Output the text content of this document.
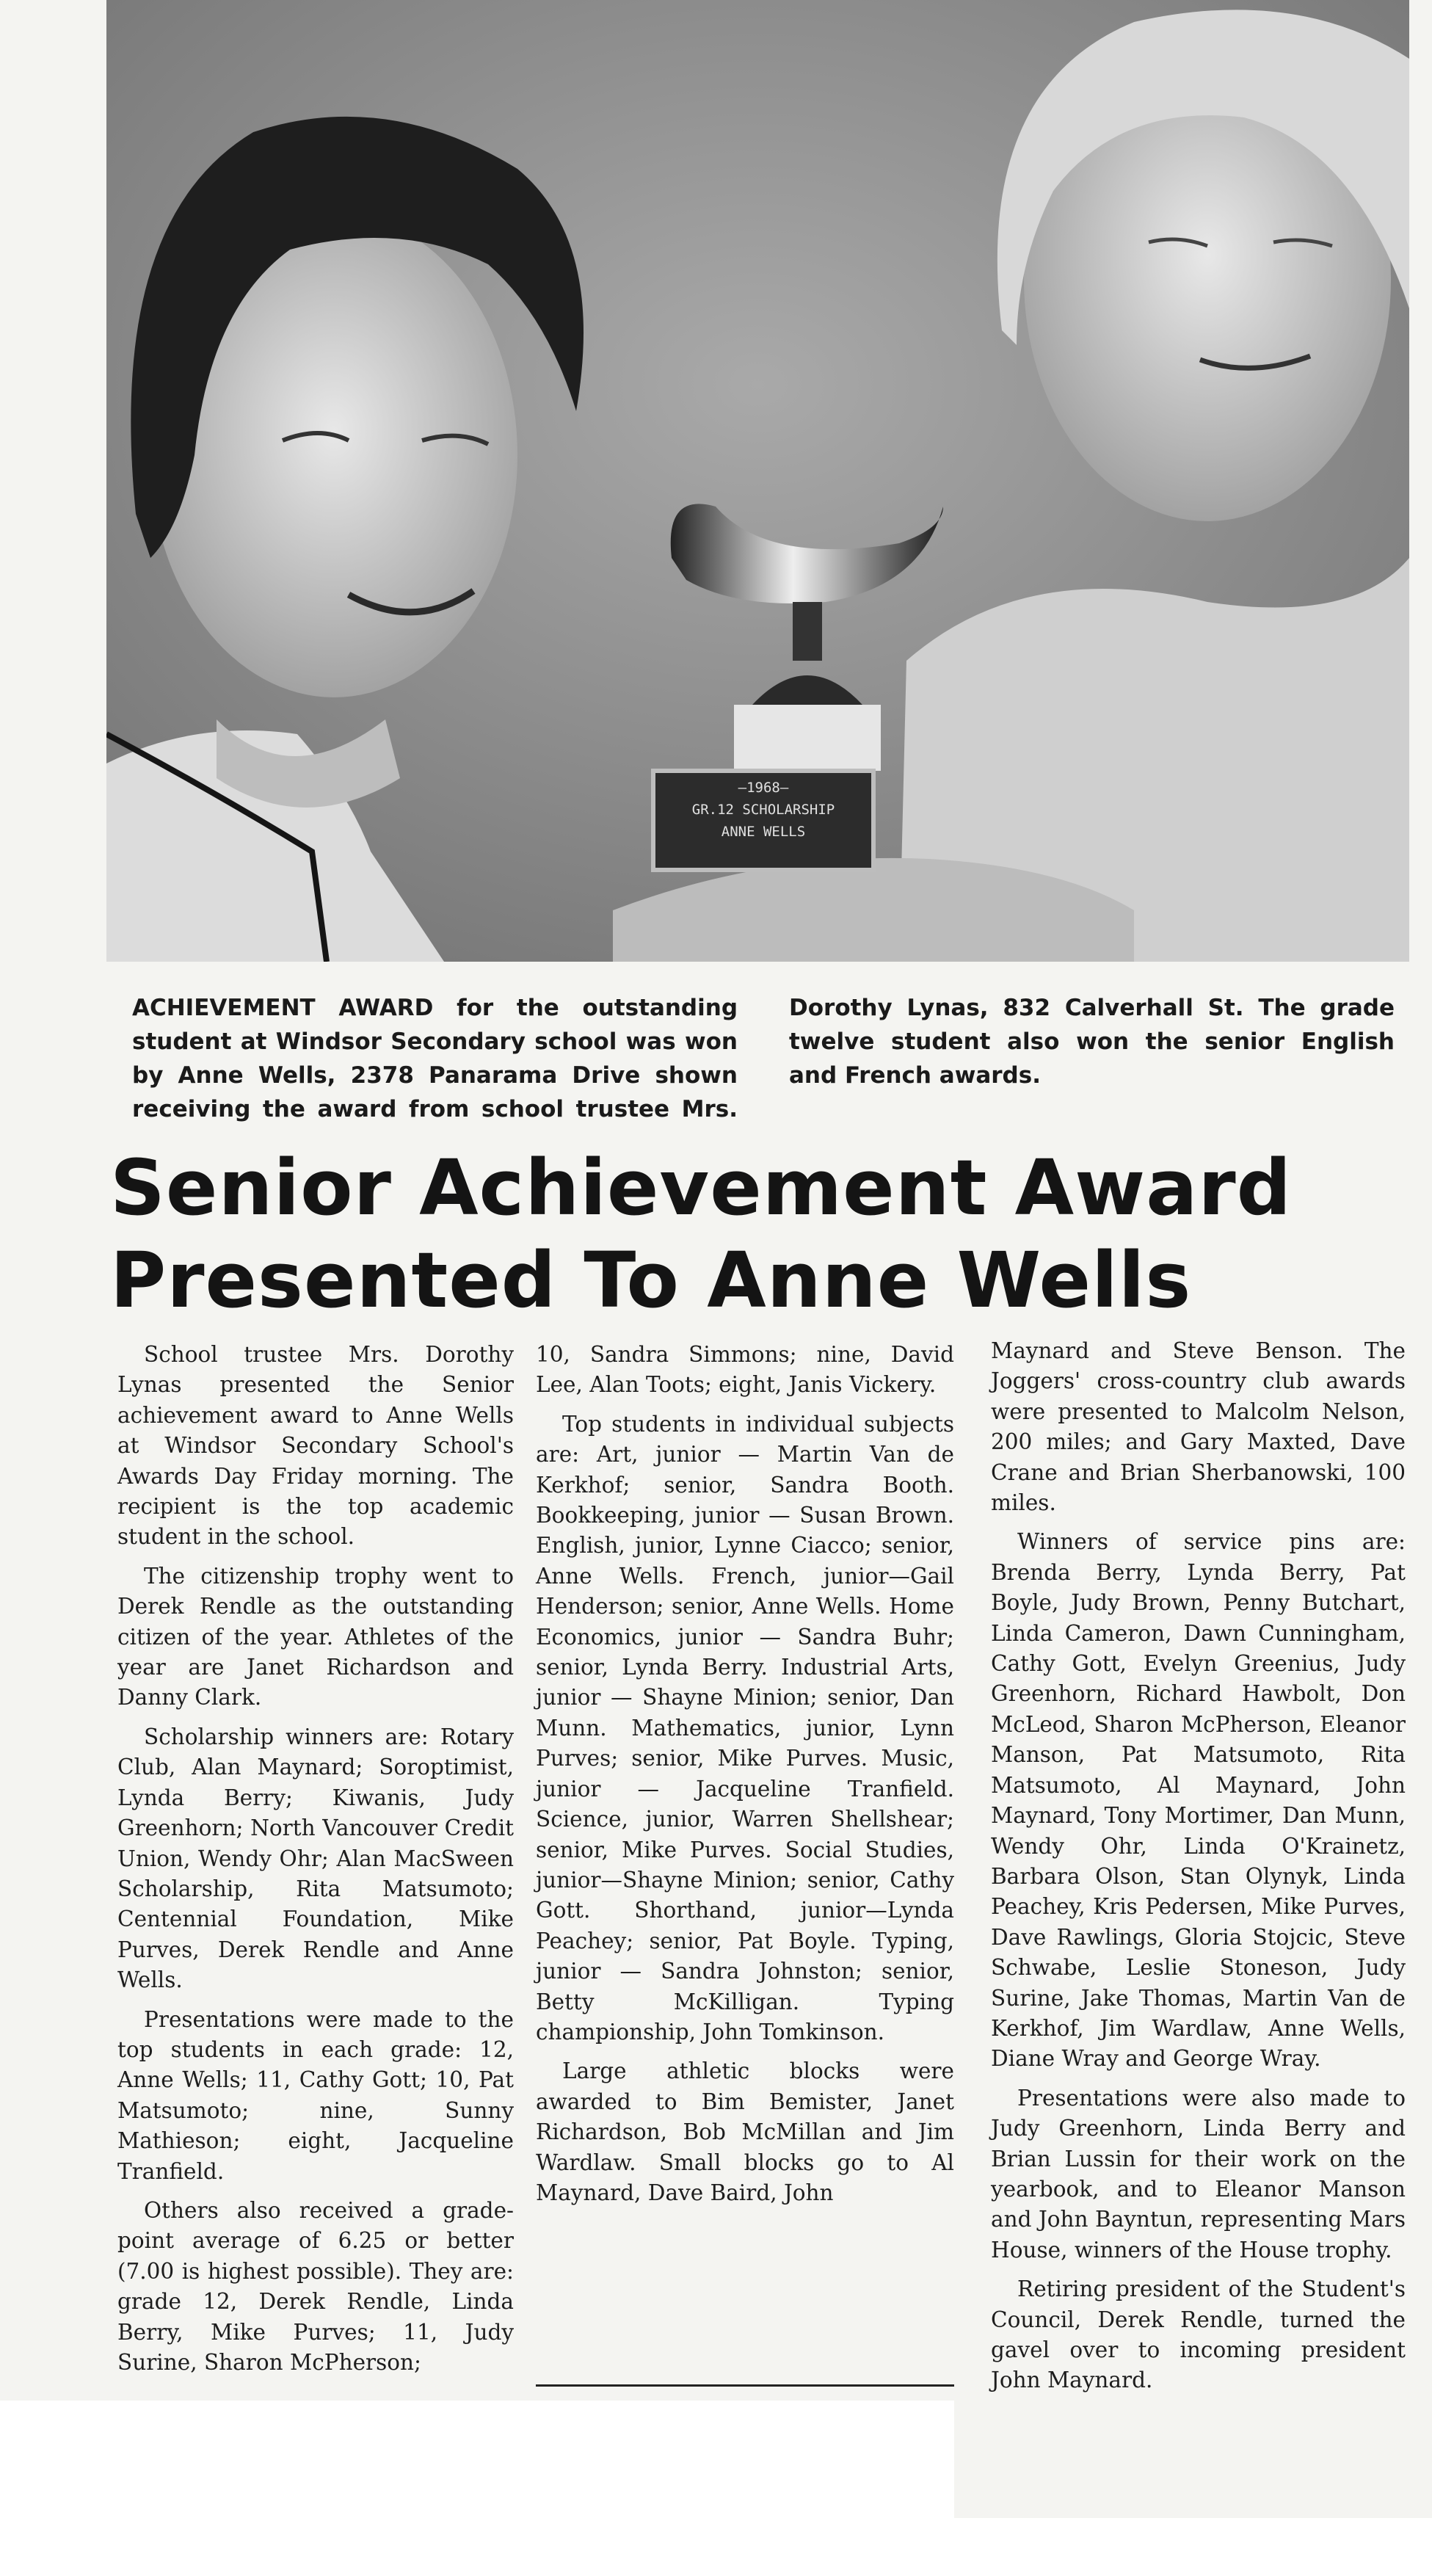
—1968—
GR.12 SCHOLARSHIP
ANNE WELLS
ACHIEVEMENT AWARD for the outstanding student at Windsor Secondary school was won by Anne Wells, 2378 Panarama Drive shown receiving the award from school trustee Mrs. Dorothy Lynas, 832 Calverhall St. The grade twelve student also won the senior English and French awards.
Senior Achievement Award
Presented To Anne Wells

School trustee Mrs. Dorothy Lynas presented the Senior achievement award to Anne Wells at Windsor Secondary School's Awards Day Friday morning. The recipient is the top academic student in the school.

The citizenship trophy went to Derek Rendle as the outstanding citizen of the year. Athletes of the year are Janet Richardson and Danny Clark.

Scholarship winners are: Rotary Club, Alan Maynard; Soroptimist, Lynda Berry; Kiwanis, Judy Greenhorn; North Vancouver Credit Union, Wendy Ohr; Alan MacSween Scholarship, Rita Matsumoto; Centennial Foundation, Mike Purves, Derek Rendle and Anne Wells.

Presentations were made to the top students in each grade: 12, Anne Wells; 11, Cathy Gott; 10, Pat Matsumoto; nine, Sunny Mathieson; eight, Jacqueline Tranfield.

Others also received a grade-point average of 6.25 or better (7.00 is highest possible). They are: grade 12, Derek Rendle, Linda Berry, Mike Purves; 11, Judy Surine, Sharon McPherson;

10, Sandra Simmons; nine, David Lee, Alan Toots; eight, Janis Vickery.

Top students in individual subjects are: Art, junior — Martin Van de Kerkhof; senior, Sandra Booth. Bookkeeping, junior — Susan Brown. English, junior, Lynne Ciacco; senior, Anne Wells. French, junior—Gail Henderson; senior, Anne Wells. Home Economics, junior — Sandra Buhr; senior, Lynda Berry. Industrial Arts, junior — Shayne Minion; senior, Dan Munn. Mathematics, junior, Lynn Purves; senior, Mike Purves. Music, junior — Jacqueline Tranfield. Science, junior, Warren Shellshear; senior, Mike Purves. Social Studies, junior—Shayne Minion; senior, Cathy Gott. Shorthand, junior—Lynda Peachey; senior, Pat Boyle. Typing, junior — Sandra Johnston; senior, Betty McKilligan. Typing championship, John Tomkinson.

Large athletic blocks were awarded to Bim Bemister, Janet Richardson, Bob McMillan and Jim Wardlaw. Small blocks go to Al Maynard, Dave Baird, John

Maynard and Steve Benson. The Joggers' cross-country club awards were presented to Malcolm Nelson, 200 miles; and Gary Maxted, Dave Crane and Brian Sherbanowski, 100 miles.

Winners of service pins are: Brenda Berry, Lynda Berry, Pat Boyle, Judy Brown, Penny Butchart, Linda Cameron, Dawn Cunningham, Cathy Gott, Evelyn Greenius, Judy Greenhorn, Richard Hawbolt, Don McLeod, Sharon McPherson, Eleanor Manson, Pat Matsumoto, Rita Matsumoto, Al Maynard, John Maynard, Tony Mortimer, Dan Munn, Wendy Ohr, Linda O'Krainetz, Barbara Olson, Stan Olynyk, Linda Peachey, Kris Pedersen, Mike Purves, Dave Rawlings, Gloria Stojcic, Steve Schwabe, Leslie Stoneson, Judy Surine, Jake Thomas, Martin Van de Kerkhof, Jim Wardlaw, Anne Wells, Diane Wray and George Wray.

Presentations were also made to Judy Greenhorn, Linda Berry and Brian Lussin for their work on the yearbook, and to Eleanor Manson and John Bayntun, representing Mars House, winners of the House trophy.

Retiring president of the Student's Council, Derek Rendle, turned the gavel over to incoming president John Maynard.
